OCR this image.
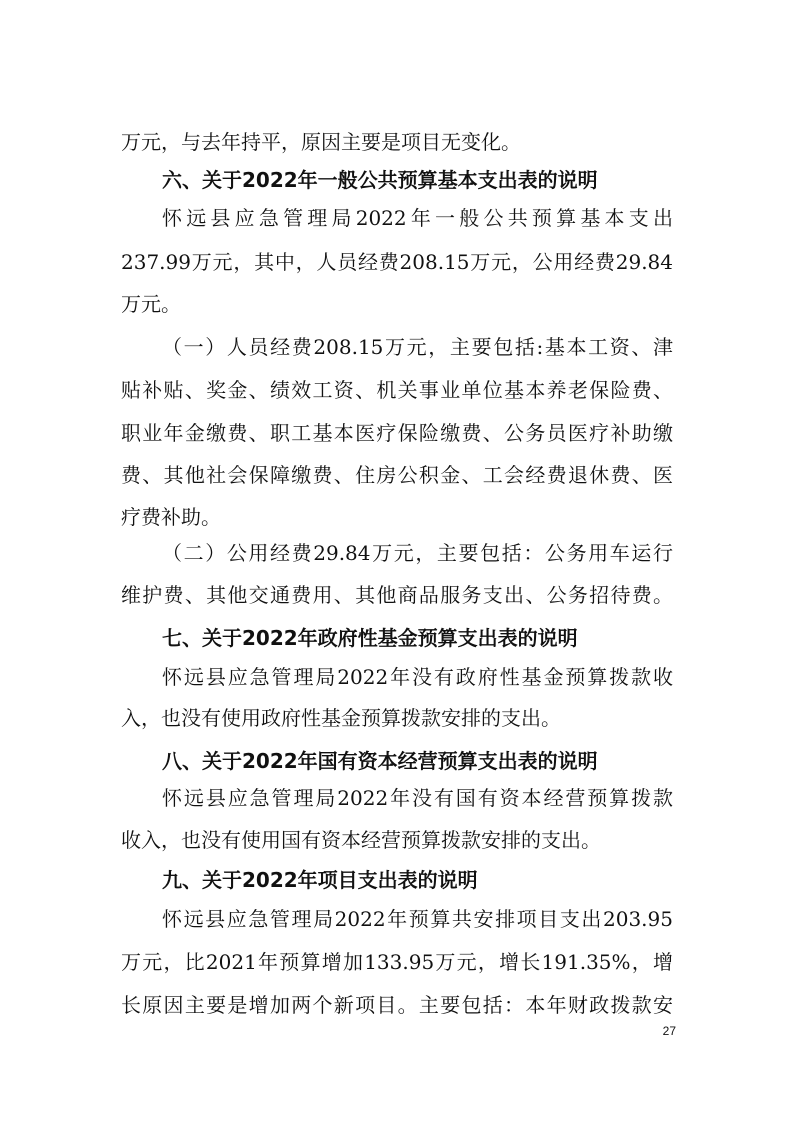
万元，与去年持平，原因主要是项目无变化。

六、关于2022年一般公共预算基本支出表的说明

怀远县应急管理局2022年一般公共预算基本支出

237.99万元，其中，人员经费208.15万元，公用经费29.84

万元。

（一）人员经费208.15万元，主要包括:基本工资、津

贴补贴、奖金、绩效工资、机关事业单位基本养老保险费、

职业年金缴费、职工基本医疗保险缴费、公务员医疗补助缴

费、其他社会保障缴费、住房公积金、工会经费退休费、医

疗费补助。

（二）公用经费29.84万元，主要包括：公务用车运行

维护费、其他交通费用、其他商品服务支出、公务招待费。

七、关于2022年政府性基金预算支出表的说明

怀远县应急管理局2022年没有政府性基金预算拨款收

入，也没有使用政府性基金预算拨款安排的支出。

八、关于2022年国有资本经营预算支出表的说明

怀远县应急管理局2022年没有国有资本经营预算拨款

收入，也没有使用国有资本经营预算拨款安排的支出。

九、关于2022年项目支出表的说明

怀远县应急管理局2022年预算共安排项目支出203.95

万元，比2021年预算增加133.95万元，增长191.35%，增

长原因主要是增加两个新项目。主要包括：本年财政拨款安

27
